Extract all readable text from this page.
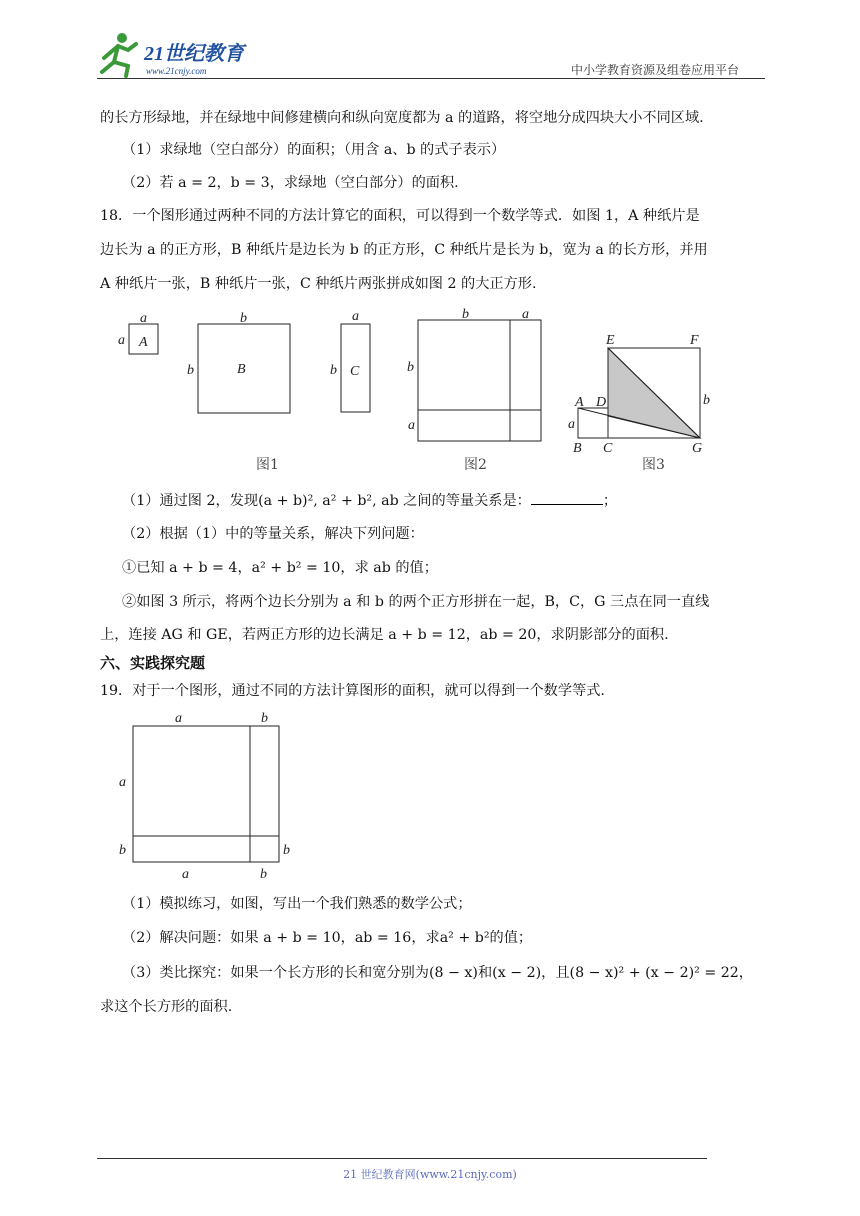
21世纪教育
www.21cnjy.com	中小学教育资源及组卷应用平台
的长方形绿地，并在绿地中间修建横向和纵向宽度都为 a 的道路，将空地分成四块大小不同区域.
（1）求绿地（空白部分）的面积；（用含 a、b 的式子表示）
（2）若 a = 2，b = 3，求绿地（空白部分）的面积.
18．一个图形通过两种不同的方法计算它的面积，可以得到一个数学等式．如图 1，A 种纸片是
边长为 a 的正方形，B 种纸片是边长为 b 的正方形，C 种纸片是长为 b，宽为 a 的长方形，并用
A 种纸片一张，B 种纸片一张，C 种纸片两张拼成如图 2 的大正方形.
a
a A
b
b	B
a
b C
b	a
b
a
E	F
A D	b
a
B C	G
图1	图2	图3
（1）通过图 2，发现(a + b)², a² + b², ab 之间的等量关系是：	；
（2）根据（1）中的等量关系，解决下列问题：
①已知 a + b = 4，a² + b² = 10，求 ab 的值；
②如图 3 所示，将两个边长分别为 a 和 b 的两个正方形拼在一起，B，C，G 三点在同一直线
上，连接 AG 和 GE，若两正方形的边长满足 a + b = 12，ab = 20，求阴影部分的面积.
六、实践探究题
19．对于一个图形，通过不同的方法计算图形的面积，就可以得到一个数学等式.
a	b
a
b	b
a	b
（1）模拟练习，如图，写出一个我们熟悉的数学公式；
（2）解决问题：如果 a + b = 10，ab = 16，求a² + b²的值；
（3）类比探究：如果一个长方形的长和宽分别为(8 − x)和(x − 2)，且(8 − x)² + (x − 2)² = 22，
求这个长方形的面积.
21 世纪教育网(www.21cnjy.com)
